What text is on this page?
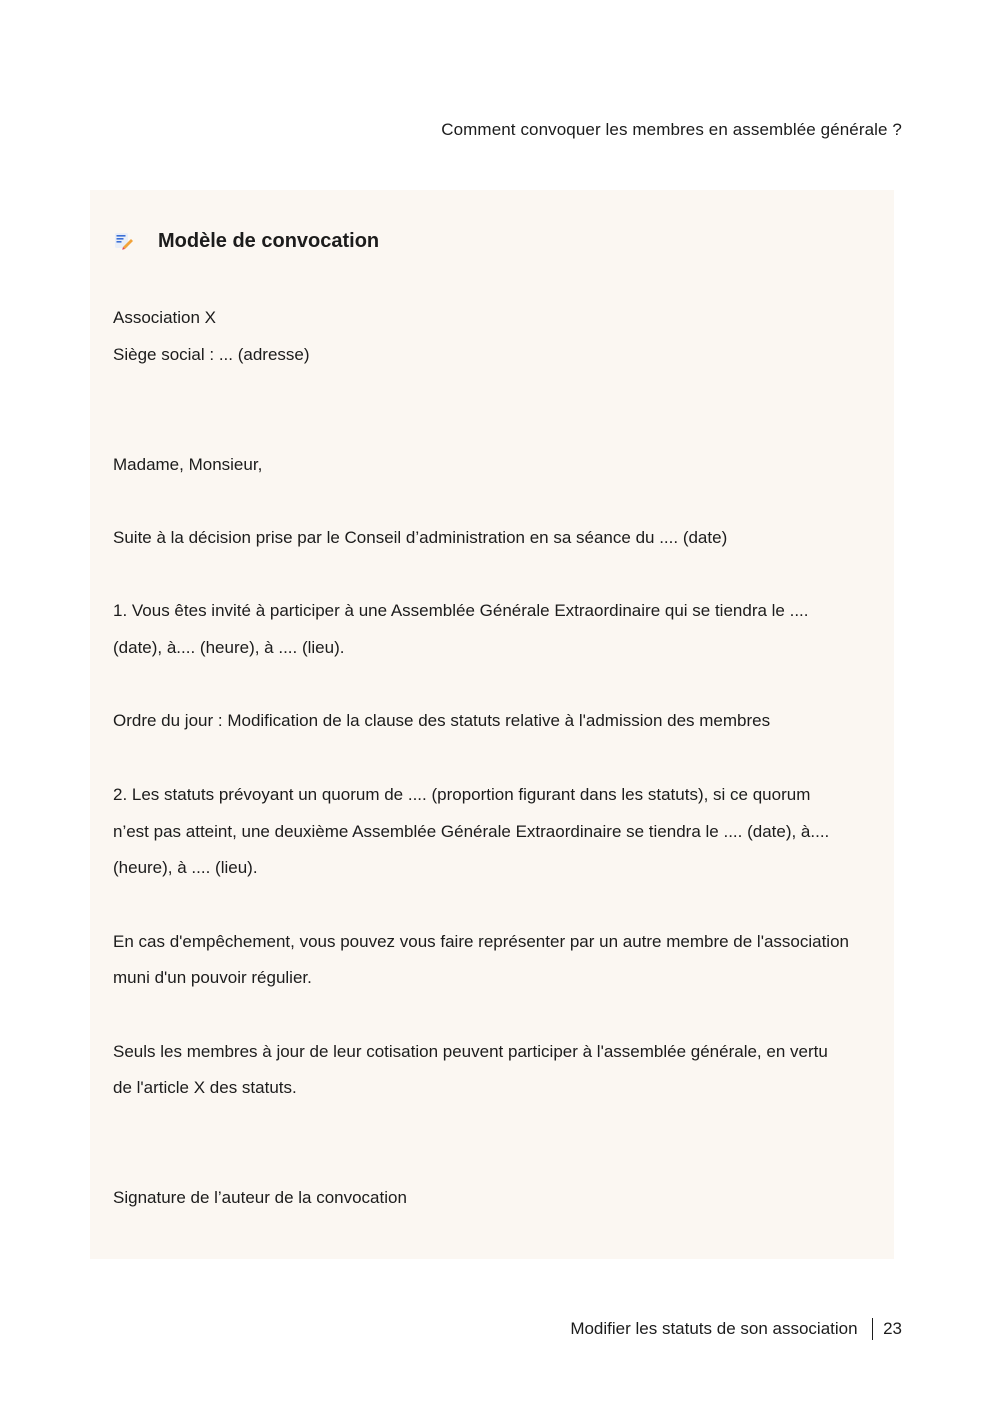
Comment convoquer les membres en assemblée générale ?
Modèle de convocation
Association X
Siège social : ... (adresse)
Madame, Monsieur,
Suite à la décision prise par le Conseil d’administration en sa séance du .... (date)
1. Vous êtes invité à participer à une Assemblée Générale Extraordinaire qui se tiendra le ....
(date), à.... (heure), à .... (lieu).
Ordre du jour : Modification de la clause des statuts relative à l'admission des membres
2. Les statuts prévoyant un quorum de .... (proportion figurant dans les statuts), si ce quorum
n’est pas atteint, une deuxième Assemblée Générale Extraordinaire se tiendra le .... (date), à....
(heure), à .... (lieu).
En cas d'empêchement, vous pouvez vous faire représenter par un autre membre de l'association
muni d'un pouvoir régulier.
Seuls les membres à jour de leur cotisation peuvent participer à l'assemblée générale, en vertu
de l'article X des statuts.
Signature de l’auteur de la convocation
Modifier les statuts de son association 23
